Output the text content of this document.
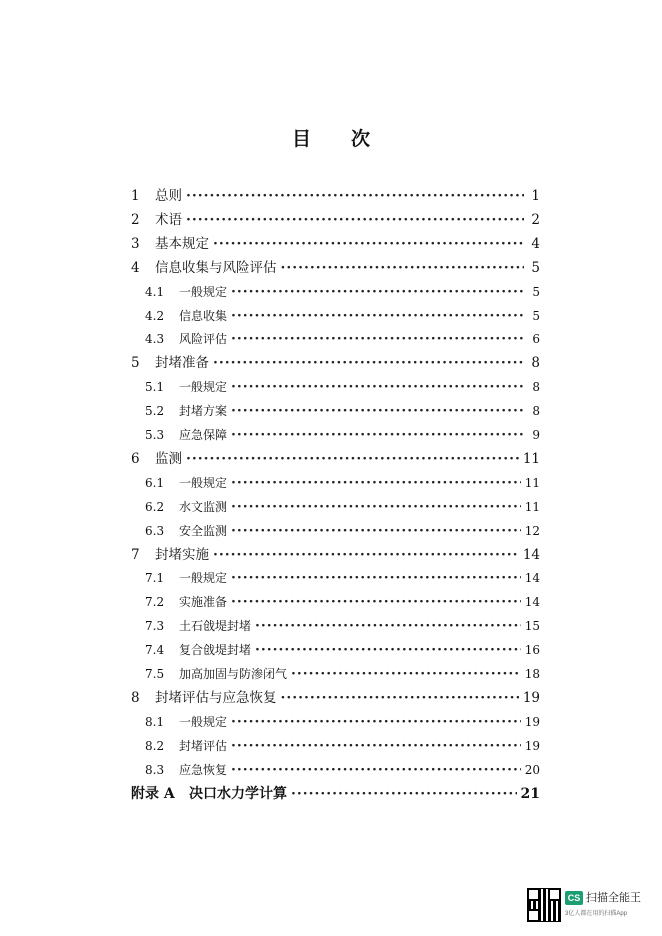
目 次
1	总则 ·····	1
2	术语 ·····	2
3	基本规定 ·····	4
4	信息收集与风险评估 ·····	5
4.1	一般规定 ·····	5
4.2	信息收集 ·····	5
4.3	风险评估 ·····	6
5	封堵准备 ·····	8
5.1	一般规定 ·····	8
5.2	封堵方案 ·····	8
5.3	应急保障 ·····	9
6	监测 ·····	11
6.1	一般规定 ·····	11
6.2	水文监测 ·····	11
6.3	安全监测 ·····	12
7	封堵实施 ·····	14
7.1	一般规定 ·····	14
7.2	实施准备 ·····	14
7.3	土石戗堤封堵 ·····	15
7.4	复合戗堤封堵 ·····	16
7.5	加高加固与防渗闭气 ·····	18
8	封堵评估与应急恢复 ·····	19
8.1	一般规定 ·····	19
8.2	封堵评估 ·····	19
8.3	应急恢复 ·····	20
附录 A	决口水力学计算 ·····	21
CS 扫描全能王
3亿人都在用的扫描App
